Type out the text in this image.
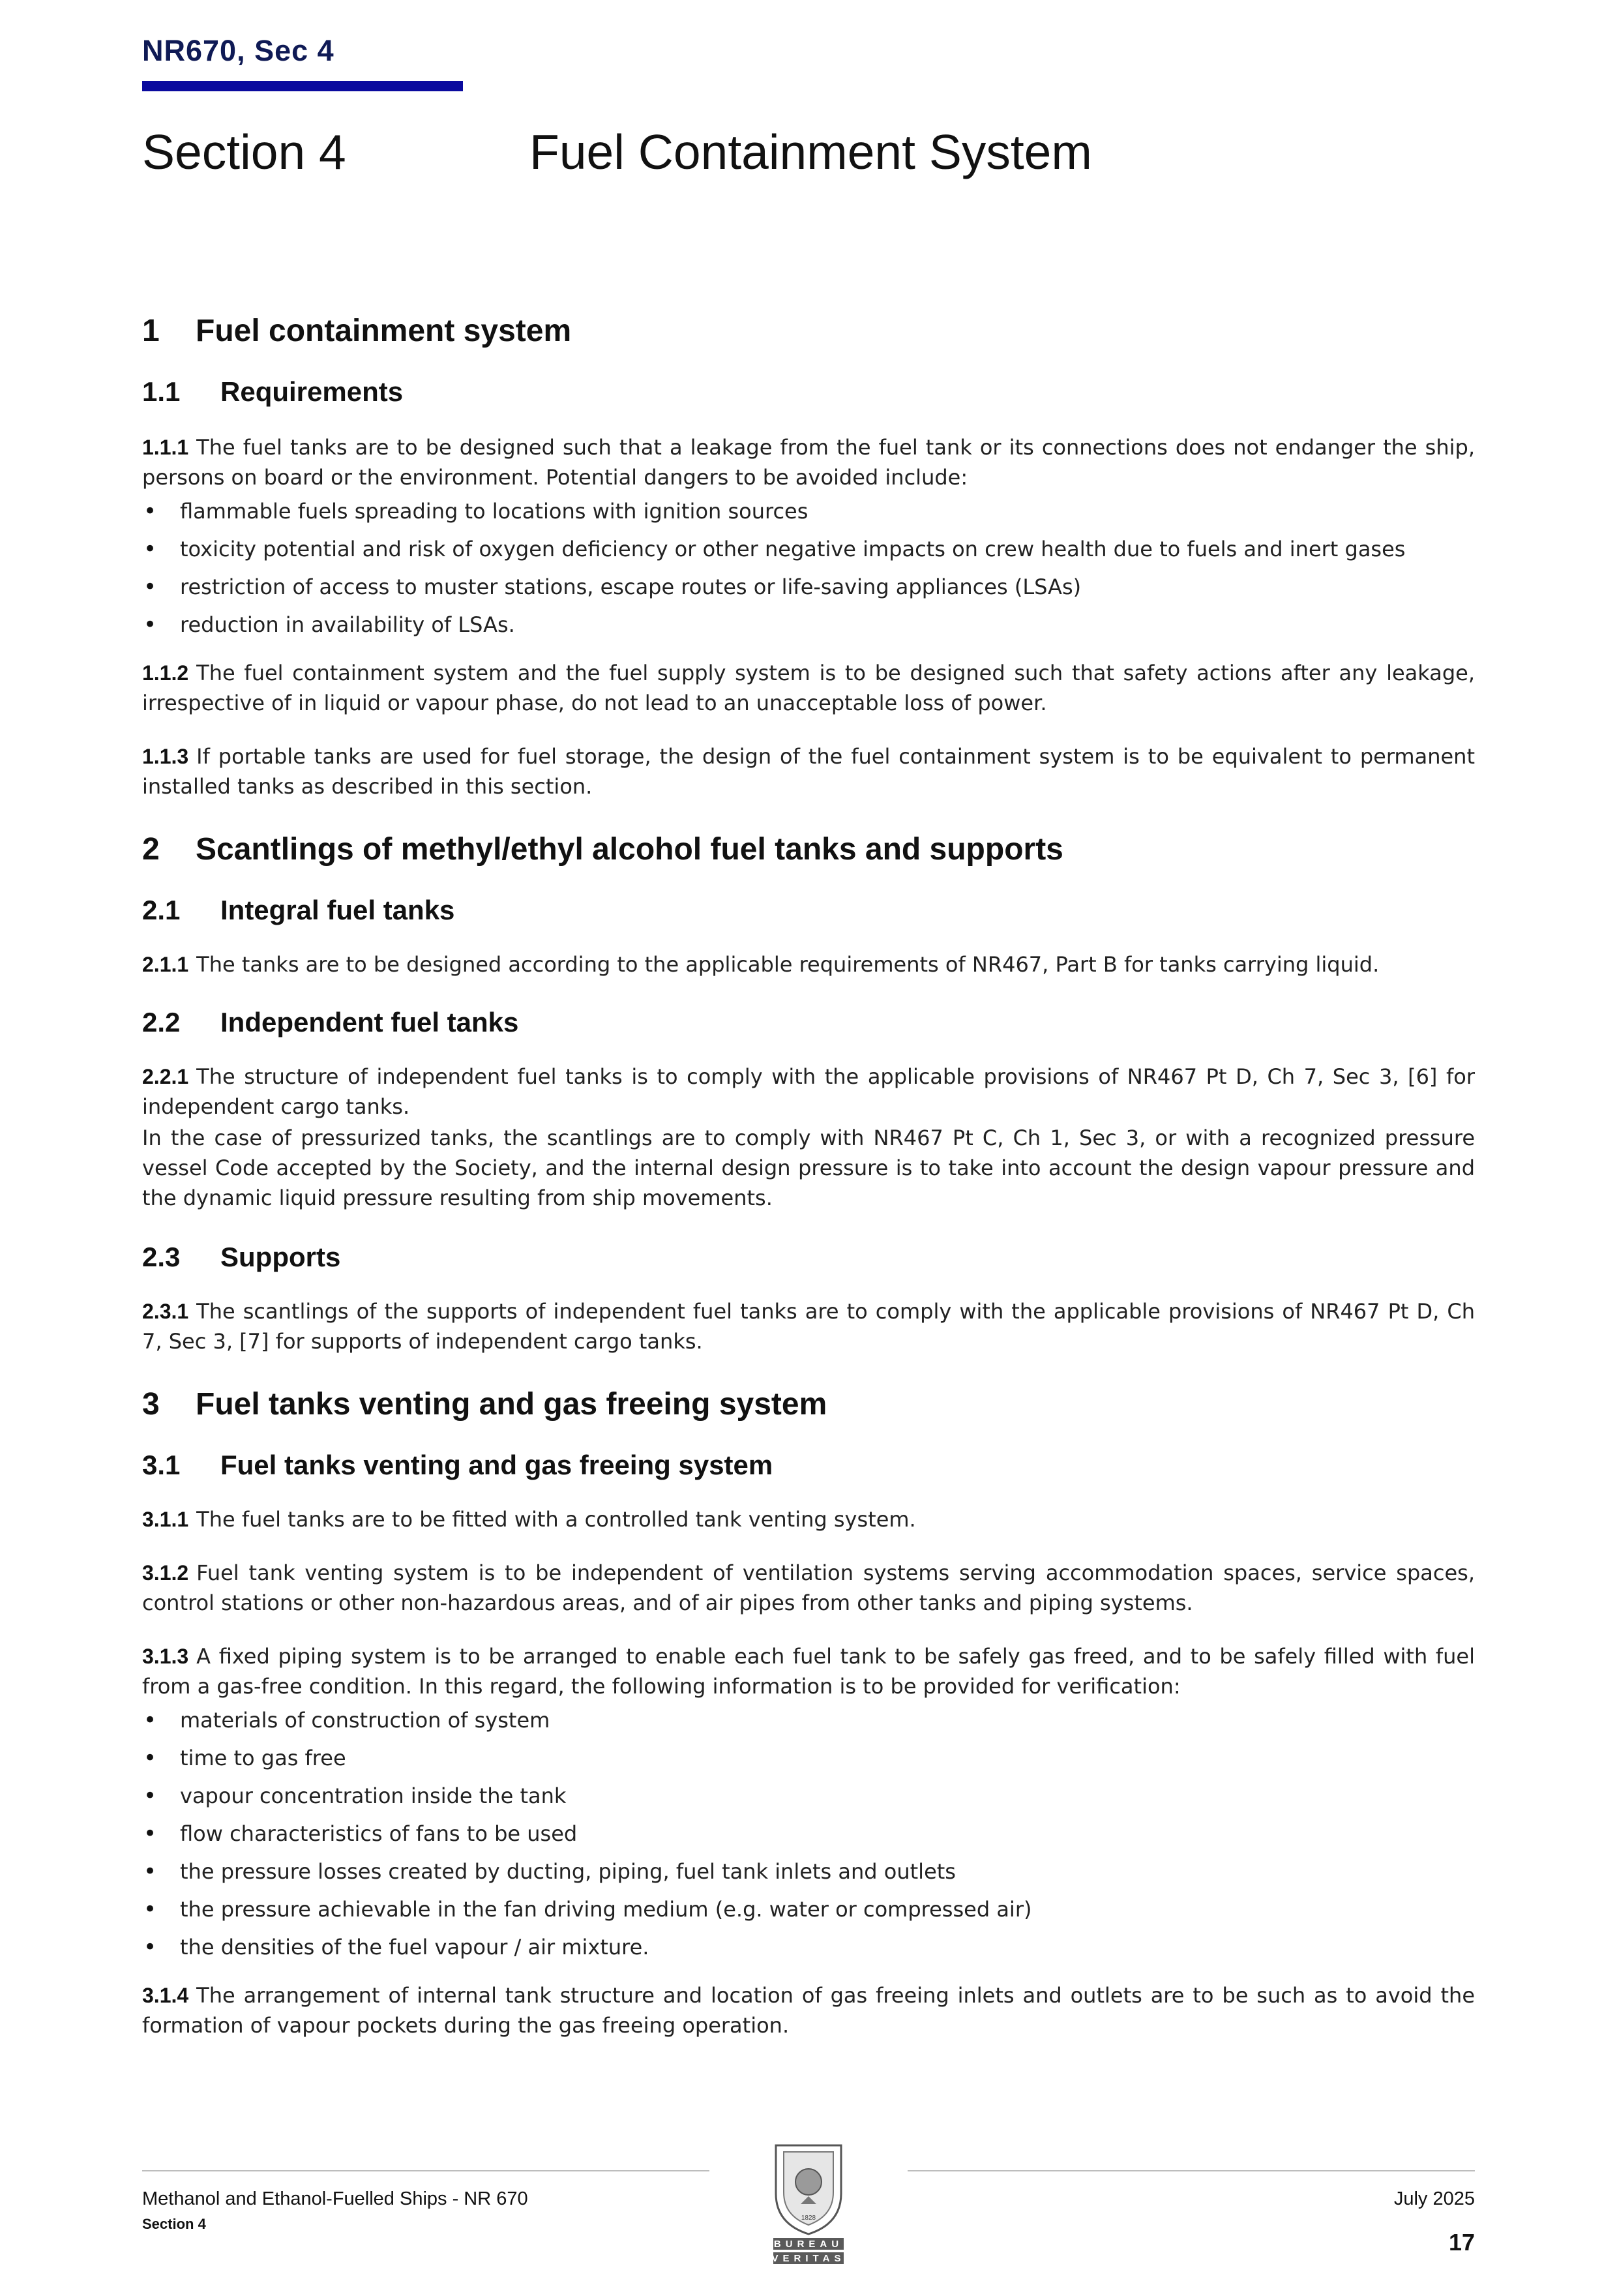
NR670, Sec 4
Section 4	Fuel Containment System
1 Fuel containment system
1.1 Requirements

1.1.1 The fuel tanks are to be designed such that a leakage from the fuel tank or its connections does not endanger the ship, persons on board or the environment. Potential dangers to be avoided include:

• flammable fuels spreading to locations with ignition sources
• toxicity potential and risk of oxygen deficiency or other negative impacts on crew health due to fuels and inert gases
• restriction of access to muster stations, escape routes or life-saving appliances (LSAs)
• reduction in availability of LSAs.

1.1.2 The fuel containment system and the fuel supply system is to be designed such that safety actions after any leakage, irrespective of in liquid or vapour phase, do not lead to an unacceptable loss of power.

1.1.3 If portable tanks are used for fuel storage, the design of the fuel containment system is to be equivalent to permanent installed tanks as described in this section.

2 Scantlings of methyl/ethyl alcohol fuel tanks and supports
2.1 Integral fuel tanks

2.1.1 The tanks are to be designed according to the applicable requirements of NR467, Part B for tanks carrying liquid.

2.2 Independent fuel tanks

2.2.1 The structure of independent fuel tanks is to comply with the applicable provisions of NR467 Pt D, Ch 7, Sec 3, [6] for independent cargo tanks.

In the case of pressurized tanks, the scantlings are to comply with NR467 Pt C, Ch 1, Sec 3, or with a recognized pressure vessel Code accepted by the Society, and the internal design pressure is to take into account the design vapour pressure and the dynamic liquid pressure resulting from ship movements.

2.3 Supports

2.3.1 The scantlings of the supports of independent fuel tanks are to comply with the applicable provisions of NR467 Pt D, Ch 7, Sec 3, [7] for supports of independent cargo tanks.

3 Fuel tanks venting and gas freeing system
3.1 Fuel tanks venting and gas freeing system

3.1.1 The fuel tanks are to be fitted with a controlled tank venting system.

3.1.2 Fuel tank venting system is to be independent of ventilation systems serving accommodation spaces, service spaces, control stations or other non-hazardous areas, and of air pipes from other tanks and piping systems.

3.1.3 A fixed piping system is to be arranged to enable each fuel tank to be safely gas freed, and to be safely filled with fuel from a gas-free condition. In this regard, the following information is to be provided for verification:

• materials of construction of system
• time to gas free
• vapour concentration inside the tank
• flow characteristics of fans to be used
• the pressure losses created by ducting, piping, fuel tank inlets and outlets
• the pressure achievable in the fan driving medium (e.g. water or compressed air)
• the densities of the fuel vapour / air mixture.

3.1.4 The arrangement of internal tank structure and location of gas freeing inlets and outlets are to be such as to avoid the formation of vapour pockets during the gas freeing operation.

Methanol and Ethanol-Fuelled Ships - NR 670
Section 4
July 2025
17
BUREAU
VERITAS
1828
